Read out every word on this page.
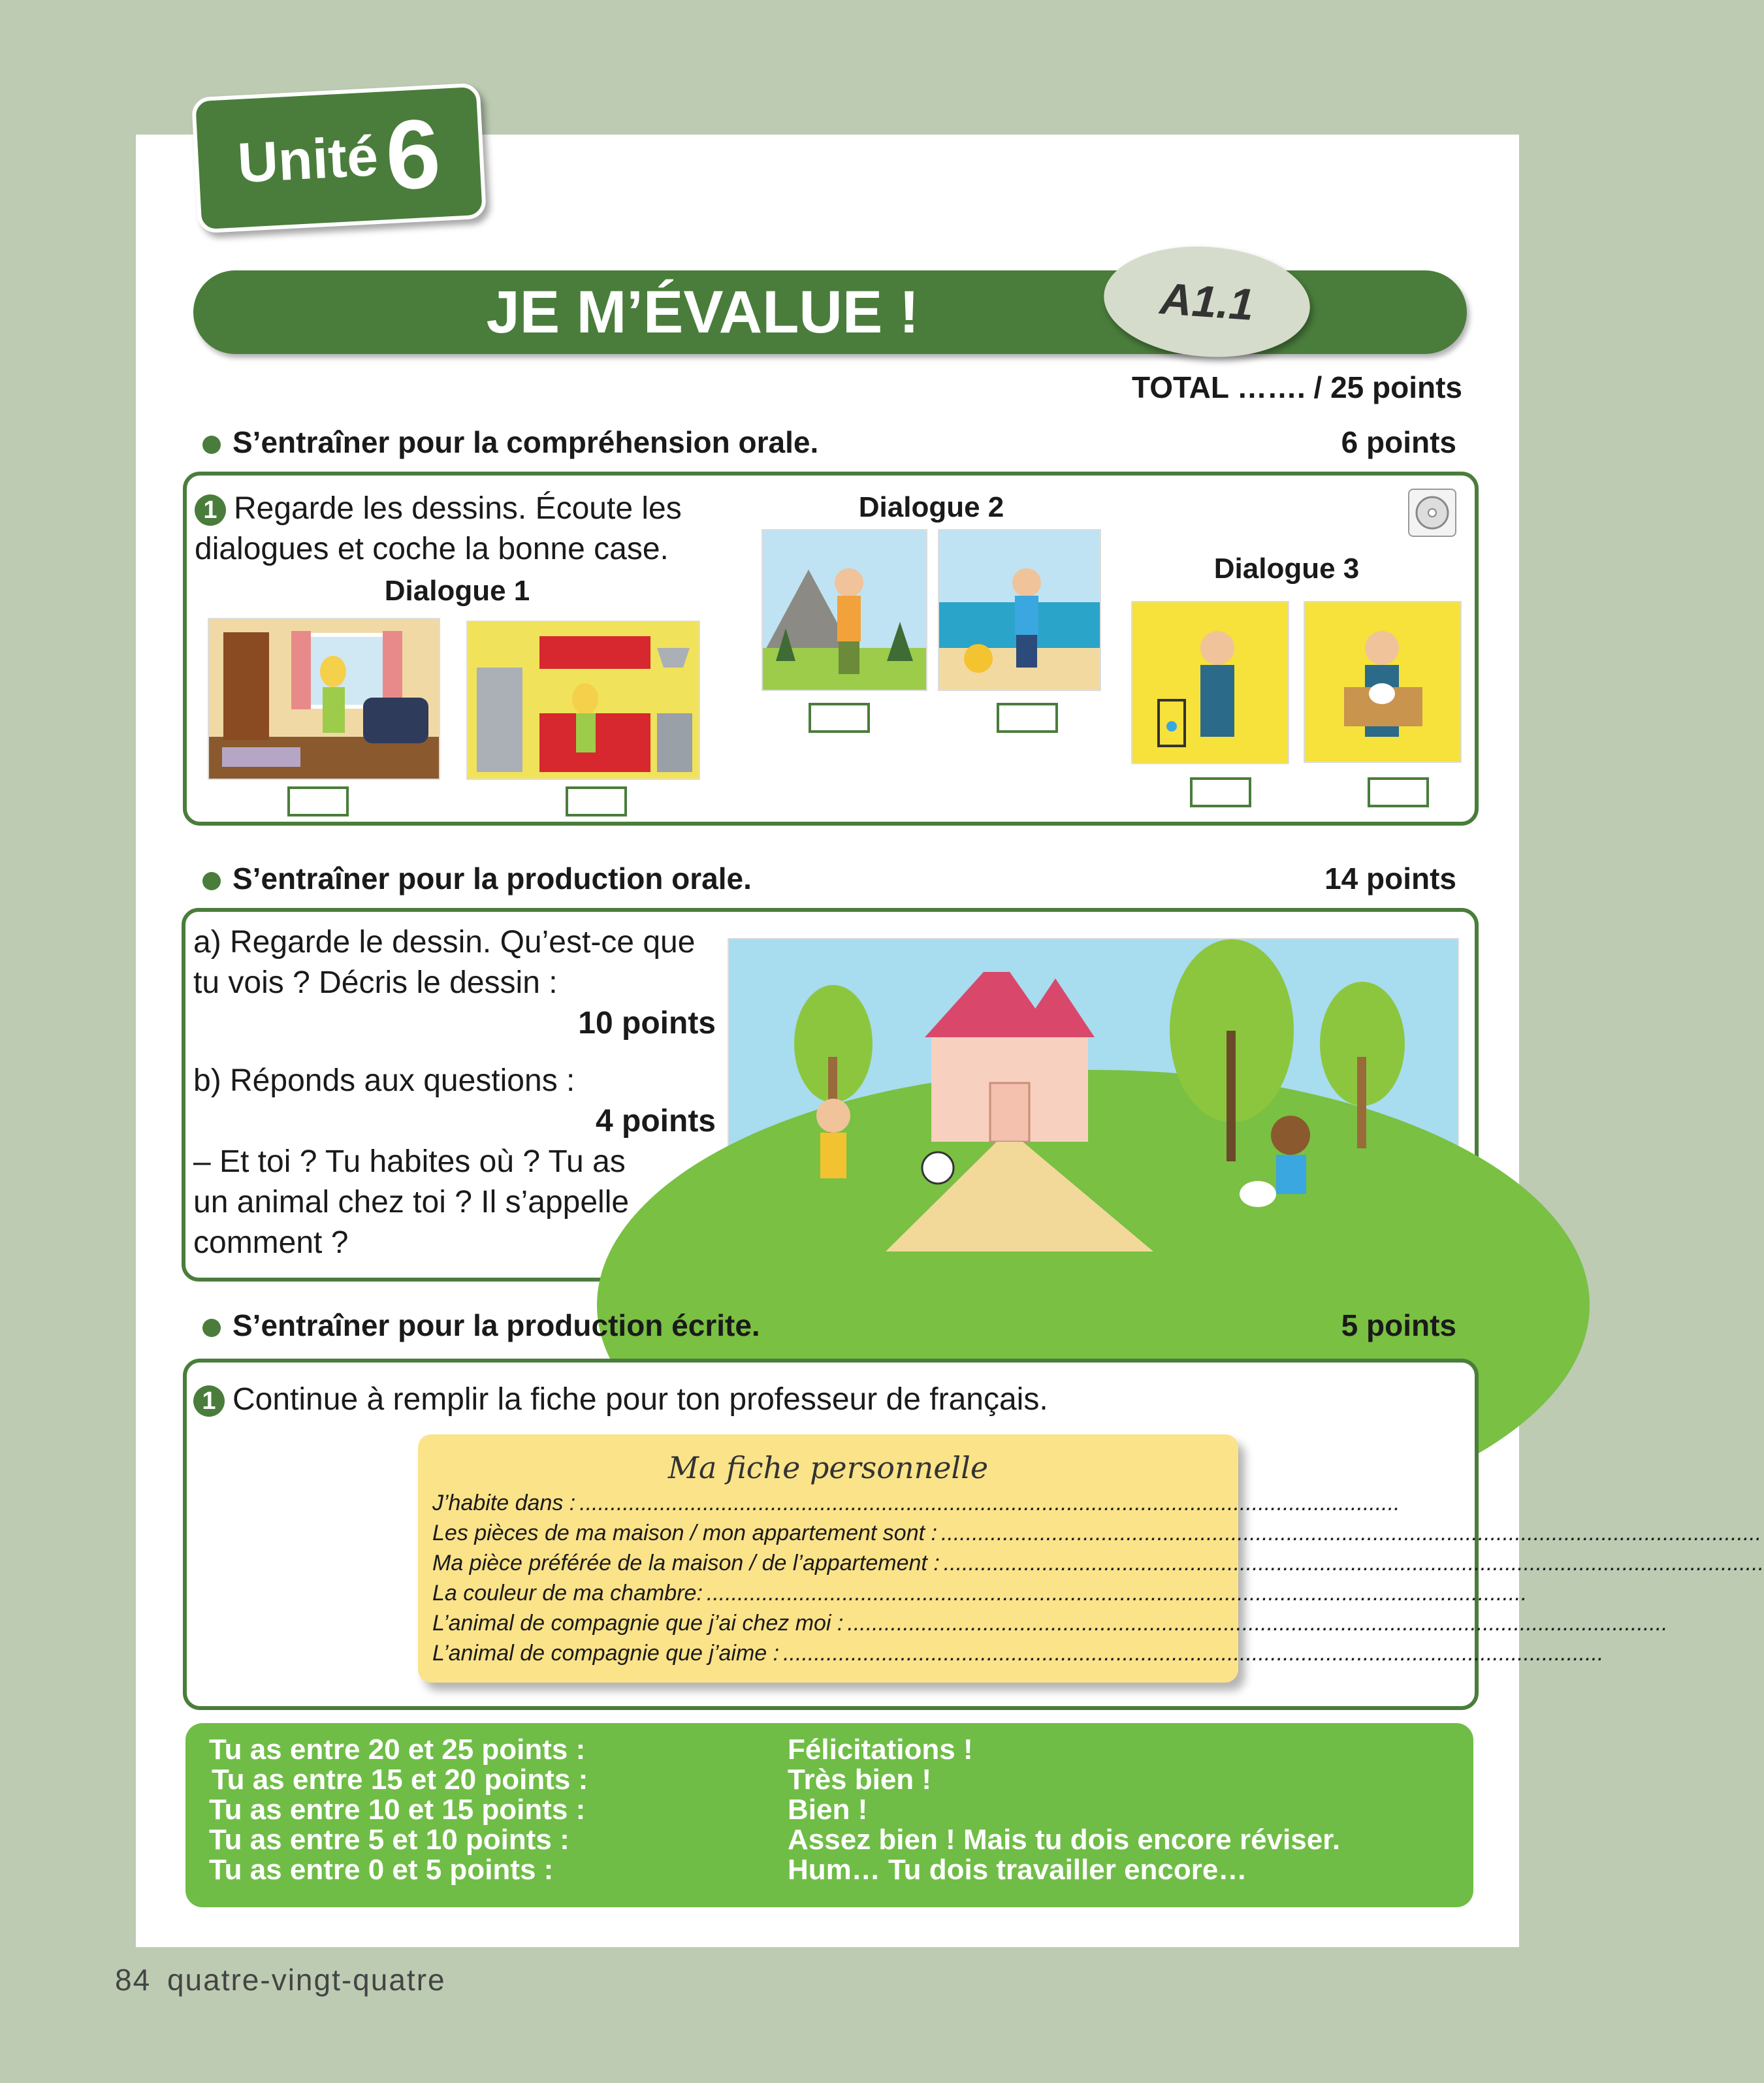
Unité 6
JE M’ÉVALUE !	A1.1
TOTAL ……. / 25 points
S’entraîner pour la compréhension orale.	6 points
1 Regarde les dessins. Écoute les
dialogues et coche la bonne case.
Dialogue 1
Dialogue 2
Dialogue 3
S’entraîner pour la production orale.	14 points
a) Regarde le dessin. Qu’est-ce que
tu vois ? Décris le dessin :
10 points
b) Réponds aux questions :
4 points
– Et toi ? Tu habites où ? Tu as
un animal chez toi ? Il s’appelle
comment ?
S’entraîner pour la production écrite.	5 points
1 Continue à remplir la fiche pour ton professeur de français.
Ma fiche personnelle
J’habite dans : .....................................................................................................................................
Les pièces de ma maison / mon appartement sont : .....................................................................................................................................
Ma pièce préférée de la maison / de l’appartement : .....................................................................................................................................
La couleur de ma chambre: .....................................................................................................................................
L’animal de compagnie que j’ai chez moi : .....................................................................................................................................
L’animal de compagnie que j’aime : .....................................................................................................................................
Tu as entre 20 et 25 points :	Félicitations !
Tu as entre 15 et 20 points :	Très bien !
Tu as entre 10 et 15 points :	Bien !
Tu as entre 5 et 10 points :	Assez bien ! Mais tu dois encore réviser.
Tu as entre 0 et 5 points :	Hum… Tu dois travailler encore…
84 quatre-vingt-quatre
